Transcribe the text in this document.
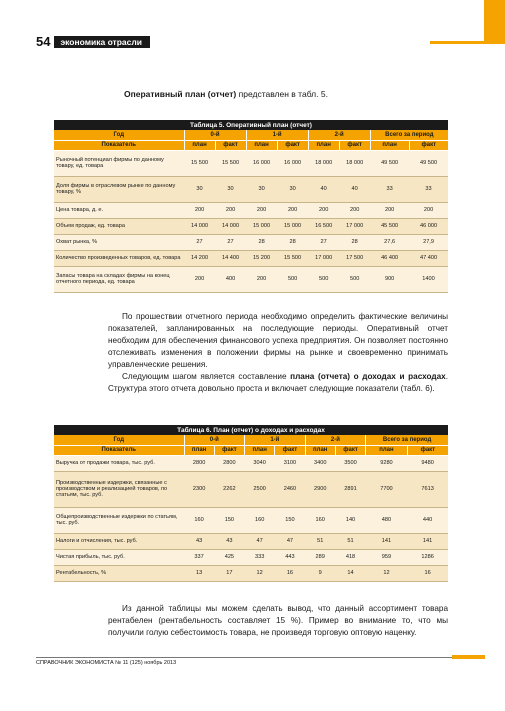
54	экономика отрасли
Оперативный план (отчет) представлен в табл. 5.
Таблица 5. Оперативный план (отчет)								
Год	0-й		1-й		2-й		Всего за период	
Показатель	план	факт	план	факт	план	факт	план	факт
Рыночный потенциал фирмы по данному товару, ед. товара	15 500	15 500	16 000	16 000	18 000	18 000	49 500	49 500
Доля фирмы в отраслевом рынке по данному товару, %	30	30	30	30	40	40	33	33
Цена товара, д. е.	200	200	200	200	200	200	200	200
Объем продаж, ед. товара	14 000	14 000	15 000	15 000	16 500	17 000	45 500	46 000
Охват рынка, %	27	27	28	28	27	28	27,6	27,9
Количество произведенных товаров, ед. товара	14 200	14 400	15 200	15 500	17 000	17 500	46 400	47 400
Запасы товара на складах фирмы на конец отчетного периода, ед. товара	200	400	200	500	500	500	900	1400

По прошествии отчетного периода необходимо определить фактические величины показателей, запланированных на последующие периоды. Оперативный отчет необходим для обеспечения финансового успеха предприятия. Он позволяет постоянно отслеживать изменения в положении фирмы на рынке и своевременно принимать управленческие решения.

Следующим шагом является составление плана (отчета) о доходах и расходах. Структура этого отчета довольно проста и включает следующие показатели (табл. 6).

Таблица 6. План (отчет) о доходах и расходах								
Год	0-й		1-й		2-й		Всего за период	
Показатель	план	факт	план	факт	план	факт	план	факт
Выручка от продажи товара, тыс. руб.	2800	2800	3040	3100	3400	3500	9280	9480
Производственные издержки, связанные с производством и реализацией товаров, по статьям, тыс. руб.	2300	2262	2500	2460	2900	2891	7700	7613
Общепроизводственные издержки по статьям, тыс. руб.	160	150	160	150	160	140	480	440
Налоги и отчисления, тыс. руб.	43	43	47	47	51	51	141	141
Чистая прибыль, тыс. руб.	337	425	333	443	289	418	959	1286
Рентабельность, %	13	17	12	16	9	14	12	16

Из данной таблицы мы можем сделать вывод, что данный ассортимент товара рентабелен (рентабельность составляет 15 %). Пример во внимание то, что мы получили голую себестоимость товара, не произведя торговую оптовую наценку.

СПРАВОЧНИК ЭКОНОМИСТА № 11 (125) ноябрь 2013
